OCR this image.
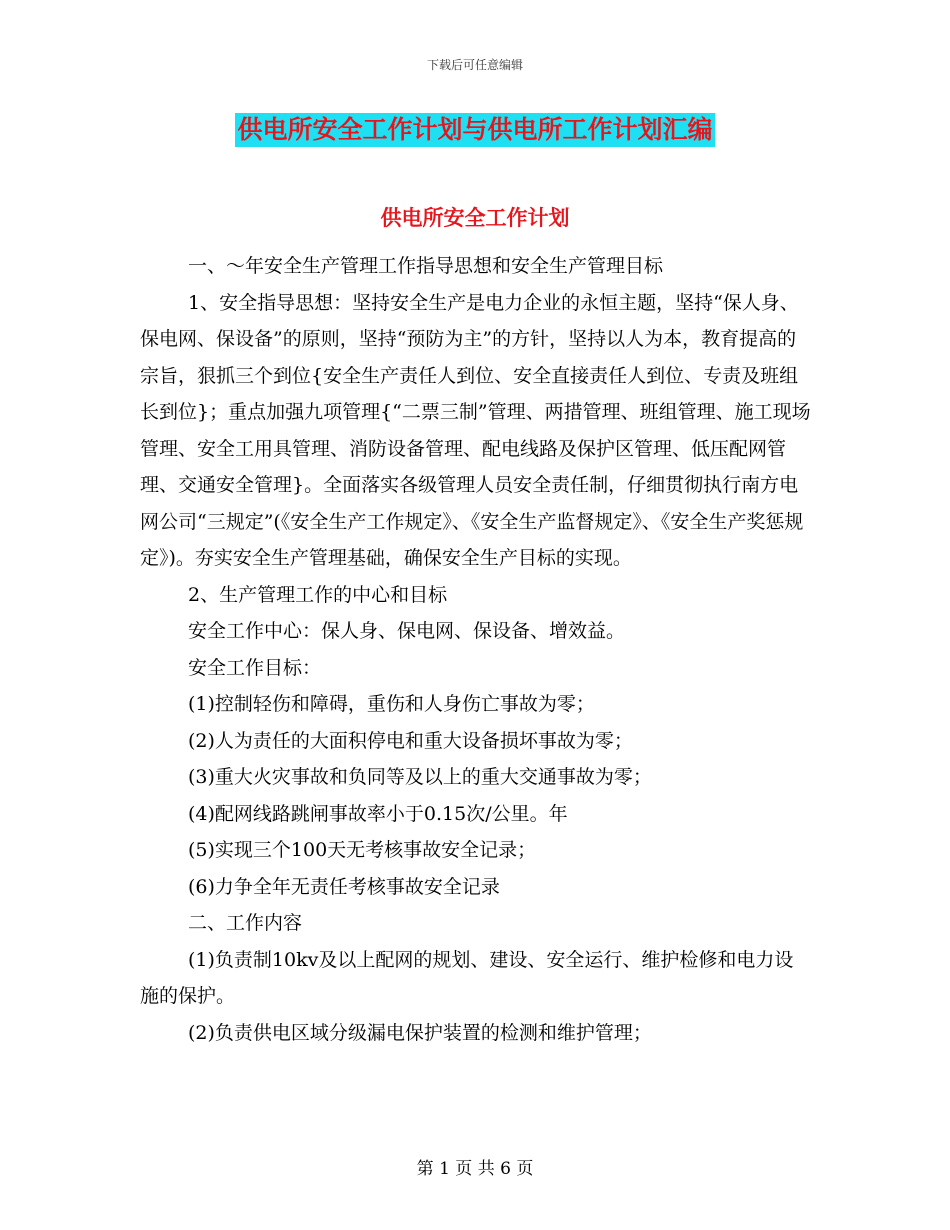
下载后可任意编辑
供电所安全工作计划与供电所工作计划汇编
供电所安全工作计划

一、～年安全生产管理工作指导思想和安全生产管理目标

1、安全指导思想：坚持安全生产是电力企业的永恒主题，坚持“保人身、保电网、保设备”的原则，坚持“预防为主”的方针，坚持以人为本，教育提高的宗旨，狠抓三个到位{安全生产责任人到位、安全直接责任人到位、专责及班组长到位}；重点加强九项管理{“二票三制”管理、两措管理、班组管理、施工现场管理、安全工用具管理、消防设备管理、配电线路及保护区管理、低压配网管理、交通安全管理}。全面落实各级管理人员安全责任制，仔细贯彻执行南方电网公司“三规定”(《安全生产工作规定》、《安全生产监督规定》、《安全生产奖惩规定》)。夯实安全生产管理基础，确保安全生产目标的实现。

2、生产管理工作的中心和目标

安全工作中心：保人身、保电网、保设备、增效益。

安全工作目标：

(1)控制轻伤和障碍，重伤和人身伤亡事故为零；

(2)人为责任的大面积停电和重大设备损坏事故为零；

(3)重大火灾事故和负同等及以上的重大交通事故为零；

(4)配网线路跳闸事故率小于0.15次/公里。年

(5)实现三个100天无考核事故安全记录；

(6)力争全年无责任考核事故安全记录

二、工作内容

(1)负责制10kv及以上配网的规划、建设、安全运行、维护检修和电力设施的保护。

(2)负责供电区域分级漏电保护装置的检测和维护管理；

第 1 页 共 6 页
